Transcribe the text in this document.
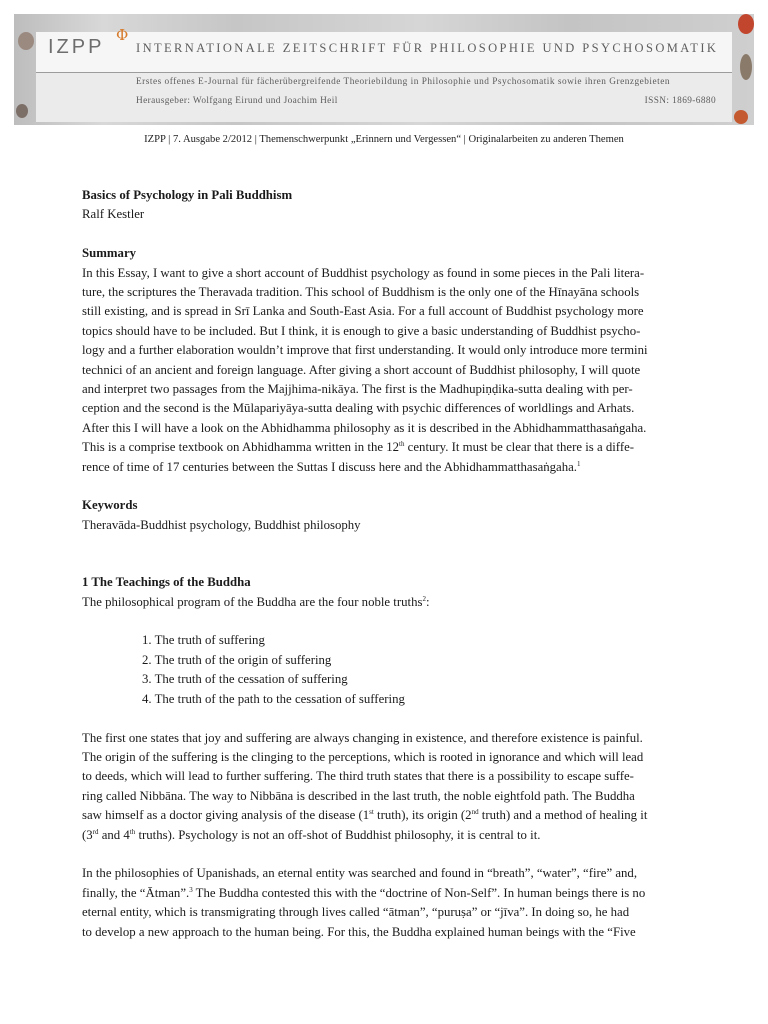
IZPP
Φ
INTERNATIONALE ZEITSCHRIFT FÜR PHILOSOPHIE UND PSYCHOSOMATIK
Erstes offenes E-Journal für fächerübergreifende Theoriebildung in Philosophie und Psychosomatik sowie ihren Grenzgebieten
Herausgeber: Wolfgang Eirund und Joachim Heil	ISSN: 1869-6880
IZPP | 7. Ausgabe 2/2012 | Themenschwerpunkt „Erinnern und Vergessen“ | Originalarbeiten zu anderen Themen

Basics of Psychology in Pali Buddhism

Ralf Kestler

Summary

In this Essay, I want to give a short account of Buddhist psychology as found in some pieces in the Pali litera-
ture, the scriptures the Theravada tradition. This school of Buddhism is the only one of the Hīnayāna schools
still existing, and is spread in Srī Lanka and South-East Asia. For a full account of Buddhist psychology more
topics should have to be included. But I think, it is enough to give a basic understanding of Buddhist psycho-
logy and a further elaboration wouldn’t improve that first understanding. It would only introduce more termini
technici of an ancient and foreign language. After giving a short account of Buddhist philosophy, I will quote
and interpret two passages from the Majjhima-nikāya. The first is the Madhupiṇḍika-sutta dealing with per-
ception and the second is the Mūlapariyāya-sutta dealing with psychic differences of worldlings and Arhats.
After this I will have a look on the Abhidhamma philosophy as it is described in the Abhidhammatthasaṅgaha.
This is a comprise textbook on Abhidhamma written in the 12th century. It must be clear that there is a diffe-
rence of time of 17 centuries between the Suttas I discuss here and the Abhidhammatthasaṅgaha.$^1$

Keywords

Theravāda-Buddhist psychology, Buddhist philosophy

1 The Teachings of the Buddha

The philosophical program of the Buddha are the four noble truths$^2$:

1. The truth of suffering
2. The truth of the origin of suffering
3. The truth of the cessation of suffering
4. The truth of the path to the cessation of suffering
The first one states that joy and suffering are always changing in existence, and therefore existence is painful.
The origin of the suffering is the clinging to the perceptions, which is rooted in ignorance and which will lead
to deeds, which will lead to further suffering. The third truth states that there is a possibility to escape suffe-
ring called Nibbāna. The way to Nibbāna is described in the last truth, the noble eightfold path. The Buddha
saw himself as a doctor giving analysis of the disease (1st truth), its origin (2nd truth) and a method of healing it
(3rd and 4th truths). Psychology is not an off-shot of Buddhist philosophy, it is central to it.
In the philosophies of Upanishads, an eternal entity was searched and found in “breath”, “water”, “fire” and,
finally, the “Ātman”.$^3$ The Buddha contested this with the “doctrine of Non-Self”. In human beings there is no
eternal entity, which is transmigrating through lives called “ātman”, “puruṣa” or “jīva”. In doing so, he had
to develop a new approach to the human being. For this, the Buddha explained human beings with the “Five
